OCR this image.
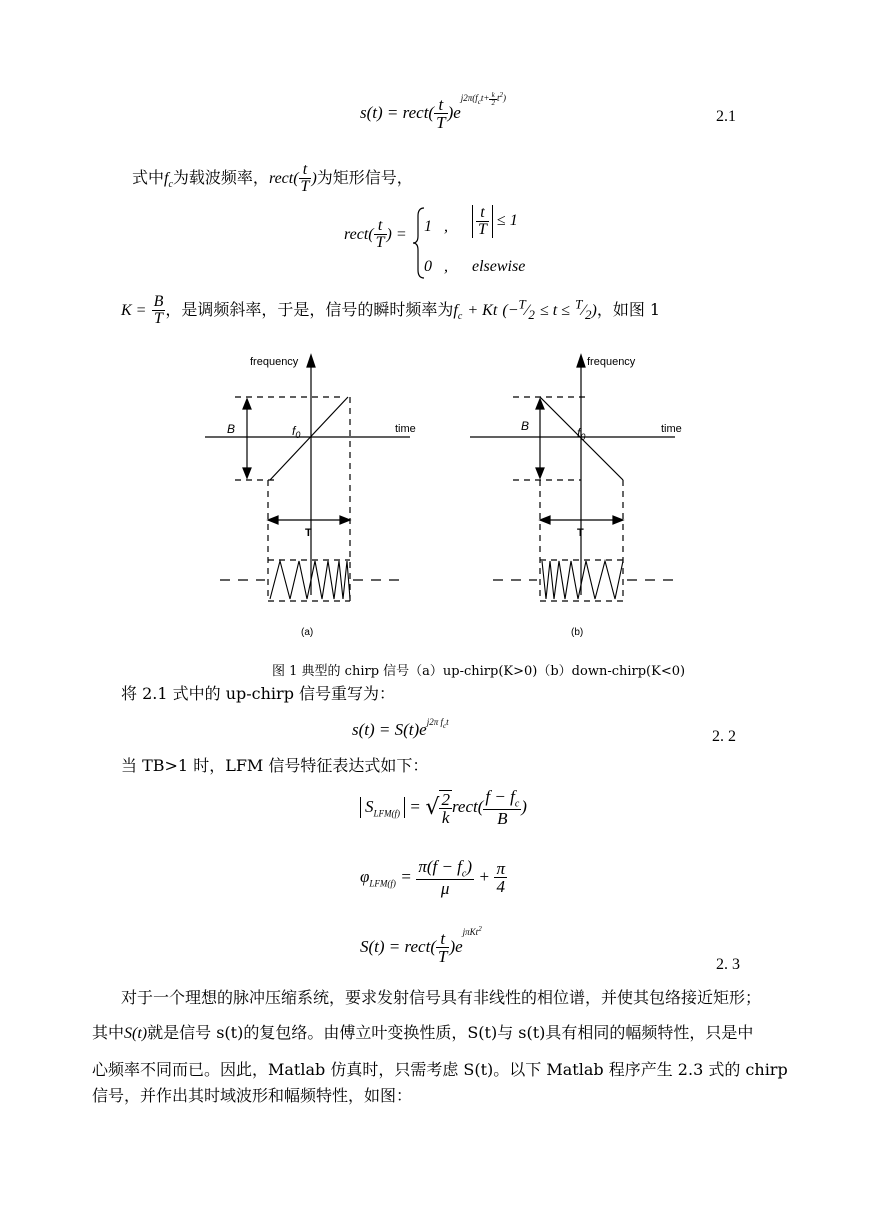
s(t) = rect( $\frac{t}{T} )e^{j2\pi(f_ct+ \frac{k}{2} t^2)}$
2.1
式中$f_c$为载波频率，rect( $\frac{t}{T}$ )为矩形信号，
rect( $\frac{t}{T}$ ) = 1 , $\frac{t}{T} \le 1$
0 , elsewise
$K = \frac{B}{T}$ ，是调频斜率，于是，信号的瞬时频率为$f_c + Kt$ ($-^T⁄_2 \le t$ ≤ $^T⁄_2$)，如图 1
frequency
time
B	$f_0$
T
(a)
frequency
time
B	$f_0$
T
(b)
图 1 典型的 chirp 信号（a）up-chirp(K>0)（b）down-chirp(K<0)
将 2.1 式中的 up-chirp 信号重写为：
$s(t) = S(t)e^{j2\pi f_ct}$
2. 2
当 TB>1 时，LFM 信号特征表达式如下：
$S_{LFM(f)}$ = √ $\frac{2}{k}$ rect( $\frac{f - f_c}{B}$ )
$\varphi_{LFM(f)} = \frac{\pi(f - f_c)}{\mu} + \frac{\pi}{4}$
S(t) = rect( $\frac{t}{T} )e^{j\pi Kt^2}$
2. 3
对于一个理想的脉冲压缩系统，要求发射信号具有非线性的相位谱，并使其包络接近矩形；
其中S(t)就是信号 s(t)的复包络。由傅立叶变换性质，S(t)与 s(t)具有相同的幅频特性，只是中
心频率不同而已。因此，Matlab 仿真时，只需考虑 S(t)。以下 Matlab 程序产生 2.3 式的 chirp
信号，并作出其时域波形和幅频特性，如图：
